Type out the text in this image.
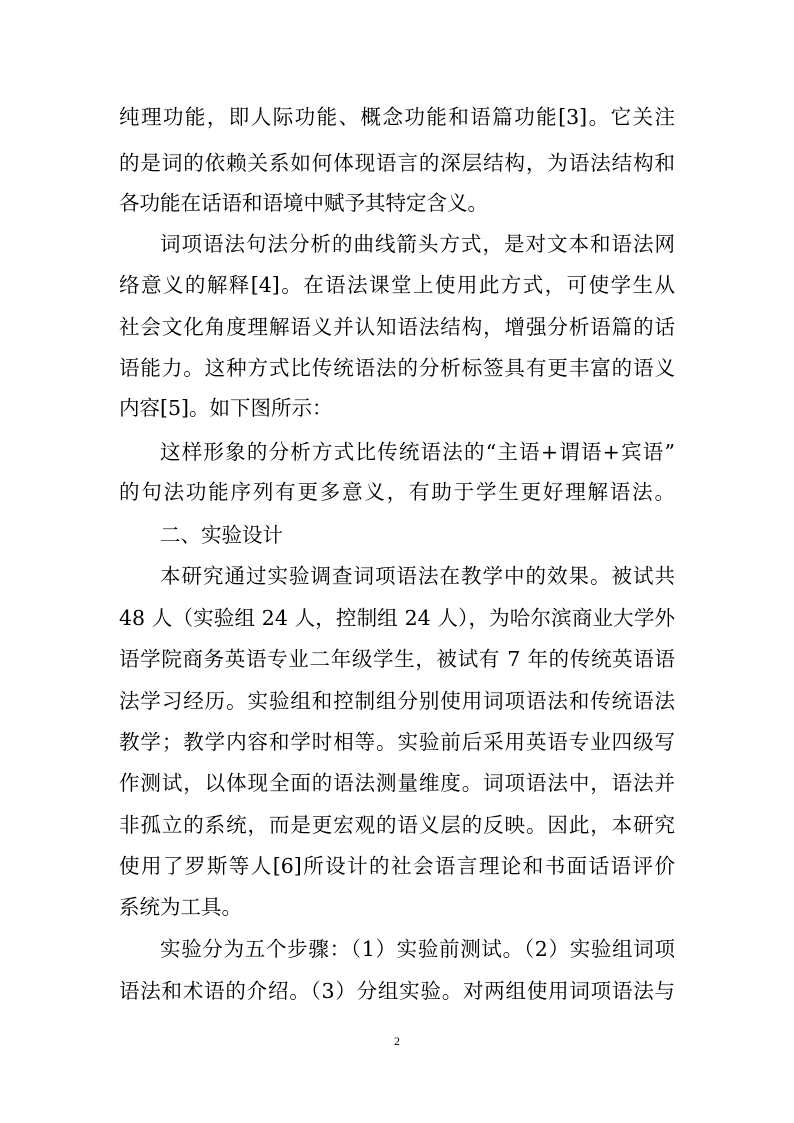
纯理功能，即人际功能、概念功能和语篇功能[3]。它关注

的是词的依赖关系如何体现语言的深层结构，为语法结构和

各功能在话语和语境中赋予其特定含义。

词项语法句法分析的曲线箭头方式，是对文本和语法网

络意义的解释[4]。在语法课堂上使用此方式，可使学生从

社会文化角度理解语义并认知语法结构，增强分析语篇的话

语能力。这种方式比传统语法的分析标签具有更丰富的语义

内容[5]。如下图所示：

这样形象的分析方式比传统语法的“主语+谓语+宾语”

的句法功能序列有更多意义，有助于学生更好理解语法。

二、实验设计

本研究通过实验调查词项语法在教学中的效果。被试共

48 人（实验组 24 人，控制组 24 人），为哈尔滨商业大学外

语学院商务英语专业二年级学生，被试有 7 年的传统英语语

法学习经历。实验组和控制组分别使用词项语法和传统语法

教学；教学内容和学时相等。实验前后采用英语专业四级写

作测试，以体现全面的语法测量维度。词项语法中，语法并

非孤立的系统，而是更宏观的语义层的反映。因此，本研究

使用了罗斯等人[6]所设计的社会语言理论和书面话语评价

系统为工具。

实验分为五个步骤：（1）实验前测试。（2）实验组词项

语法和术语的介绍。（3）分组实验。对两组使用词项语法与

2
